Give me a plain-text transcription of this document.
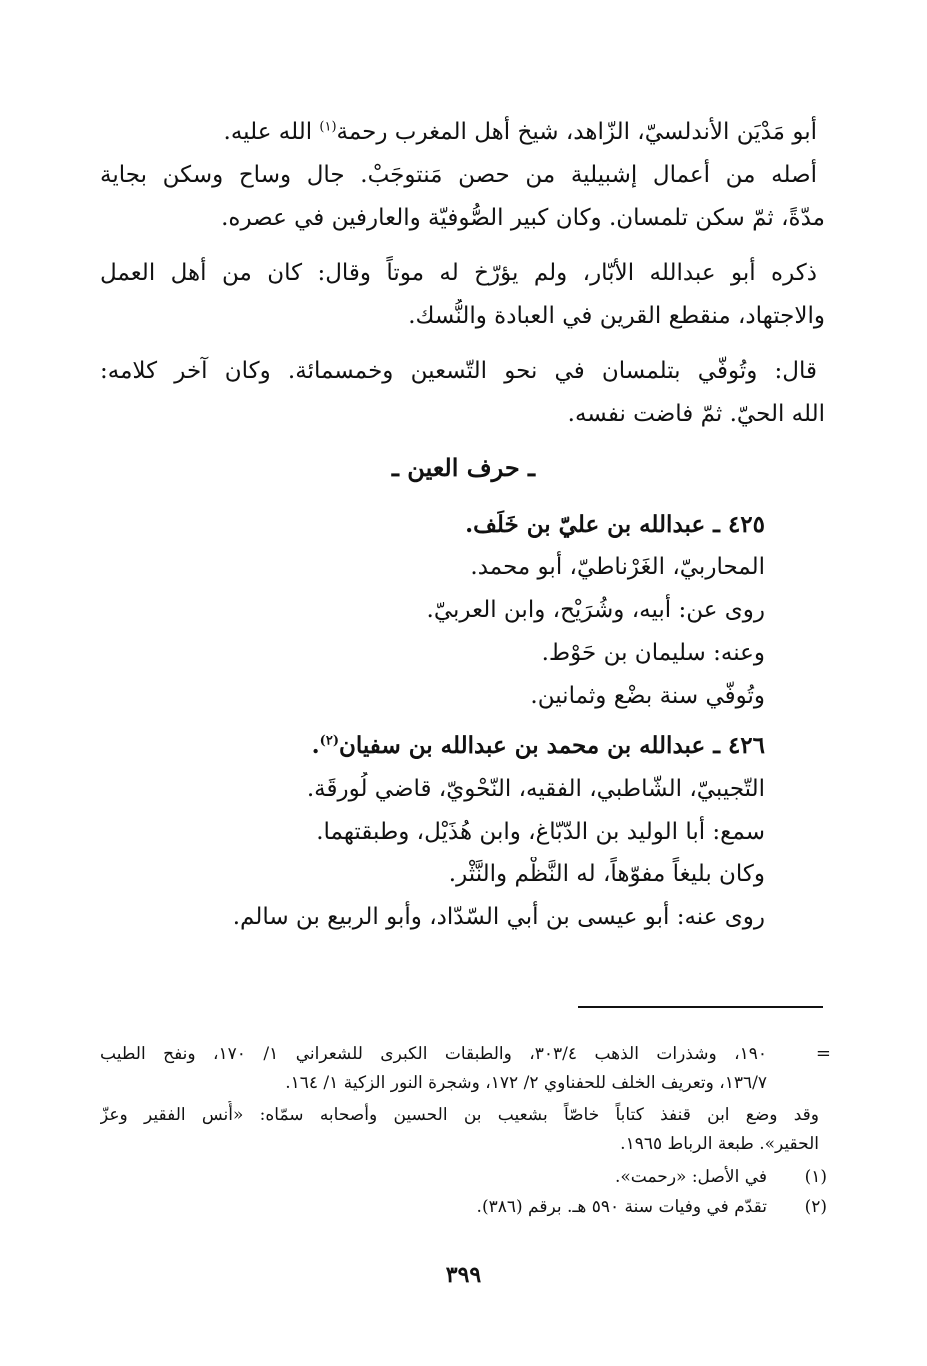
أبو مَدْيَن الأندلسيّ، الزّاهد، شيخ أهل المغرب رحمة$^{(١)}$ الله عليه.
أصله من أعمال إشبيلية من حصن مَنتوجَبْ. جال وساح وسكن بجاية
مدّةً، ثمّ سكن تلمسان. وكان كبير الصُّوفيّة والعارفين في عصره.
ذكره أبو عبدالله الأبّار، ولم يؤرّخ له موتاً وقال: كان من أهل العمل
والاجتهاد، منقطع القرين في العبادة والنُّسك.
قال: وتُوفّي بتلمسان في نحو التّسعين وخمسمائة. وكان آخر كلامه:
الله الحيّ. ثمّ فاضت نفسه.
ـ حرف العين ـ
٤٢٥ ـ عبدالله بن عليّ بن خَلَف.
المحاربيّ، الغَرْناطيّ، أبو محمد.
روى عن: أبيه، وشُرَيْح، وابن العربيّ.
وعنه: سليمان بن حَوْط.
وتُوفّي سنة بضْع وثمانين.
٤٢٦ ـ عبدالله بن محمد بن عبدالله بن سفيان$^{(٢)}$.
التّجيبيّ، الشّاطبي، الفقيه، النّحْويّ، قاضي لُورقَة.
سمع: أبا الوليد بن الدّبّاغ، وابن هُذَيْل، وطبقتهما.
وكان بليغاً مفوّهاً، له النَّظْم والنَّثْر.
روى عنه: أبو عيسى بن أبي السّدّاد، وأبو الربيع بن سالم.
=
١٩٠، وشذرات الذهب ٣٠٣/٤، والطبقات الكبرى للشعراني ١/ ١٧٠، ونفح الطيب
١٣٦/٧، وتعريف الخلف للحفناوي ٢/ ١٧٢، وشجرة النور الزكية ١/ ١٦٤.
وقد وضع ابن قنفذ كتاباً خاصّاً بشعيب بن الحسين وأصحابه سمّاه: «أُنس الفقير وعزّ
الحقير». طبعة الرباط ١٩٦٥.
(١)
في الأصل: «رحمت».
(٢)
تقدّم في وفيات سنة ٥٩٠ هـ. برقم (٣٨٦).
٣٩٩
